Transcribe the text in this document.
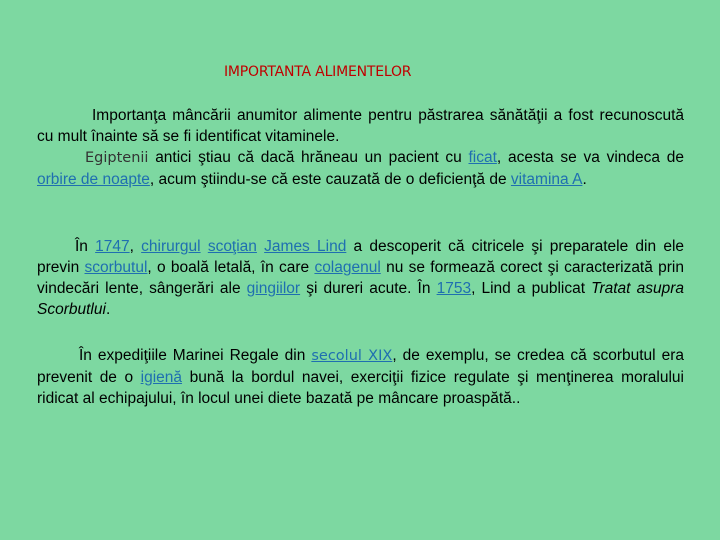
IMPORTANTA ALIMENTELOR
Importanţa mâncării anumitor alimente pentru păstrarea sănătăţii a fost recunoscută cu mult înainte să se fi identificat vitaminele.
Egiptenii antici ştiau că dacă hrăneau un pacient cu ficat, acesta se va vindeca de orbire de noapte, acum ştiindu-se că este cauzată de o deficienţă de vitamina A.
În 1747, chirurgul scoţian James Lind a descoperit că citricele şi preparatele din ele previn scorbutul, o boală letală, în care colagenul nu se formează corect şi caracterizată prin vindecări lente, sângerări ale gingiilor şi dureri acute. În 1753, Lind a publicat Tratat asupra Scorbutlui.
În expediţiile Marinei Regale din secolul XIX, de exemplu, se credea că scorbutul era prevenit de o igienă bună la bordul navei, exerciţii fizice regulate şi menţinerea moralului ridicat al echipajului, în locul unei diete bazată pe mâncare proaspătă..
